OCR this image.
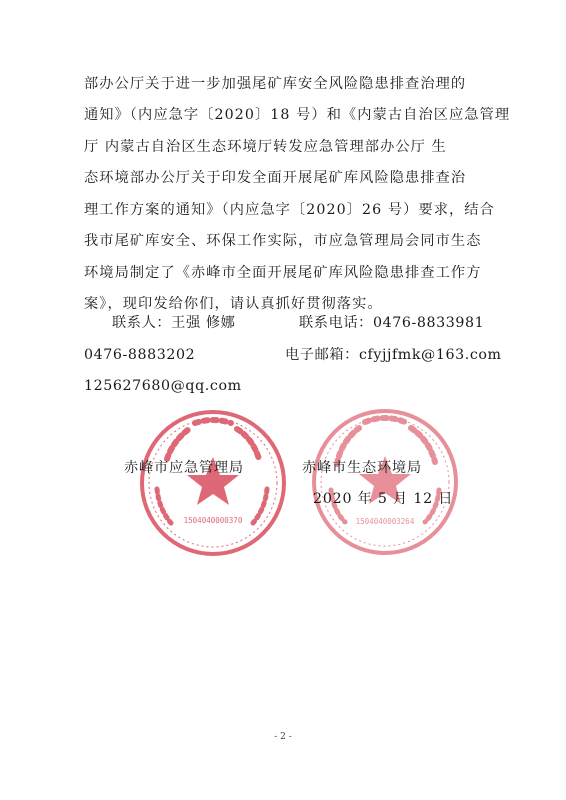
部办公厅关于进一步加强尾矿库安全风险隐患排查治理的
通知》（内应急字〔2020〕18 号）和《内蒙古自治区应急管理
厅 内蒙古自治区生态环境厅转发应急管理部办公厅 生
态环境部办公厅关于印发全面开展尾矿库风险隐患排查治
理工作方案的通知》（内应急字〔2020〕26 号）要求，结合
我市尾矿库安全、环保工作实际，市应急管理局会同市生态
环境局制定了《赤峰市全面开展尾矿库风险隐患排查工作方
案》，现印发给你们，请认真抓好贯彻落实。
联系人：王强 修娜	联系电话：0476-8833981
0476-8883202	电子邮箱：cfyjjfmk@163.com
125627680@qq.com
1504040000370	1504040003264
赤峰市应急管理局	赤峰市生态环境局
2020 年 5 月 12 日
- 2 -
